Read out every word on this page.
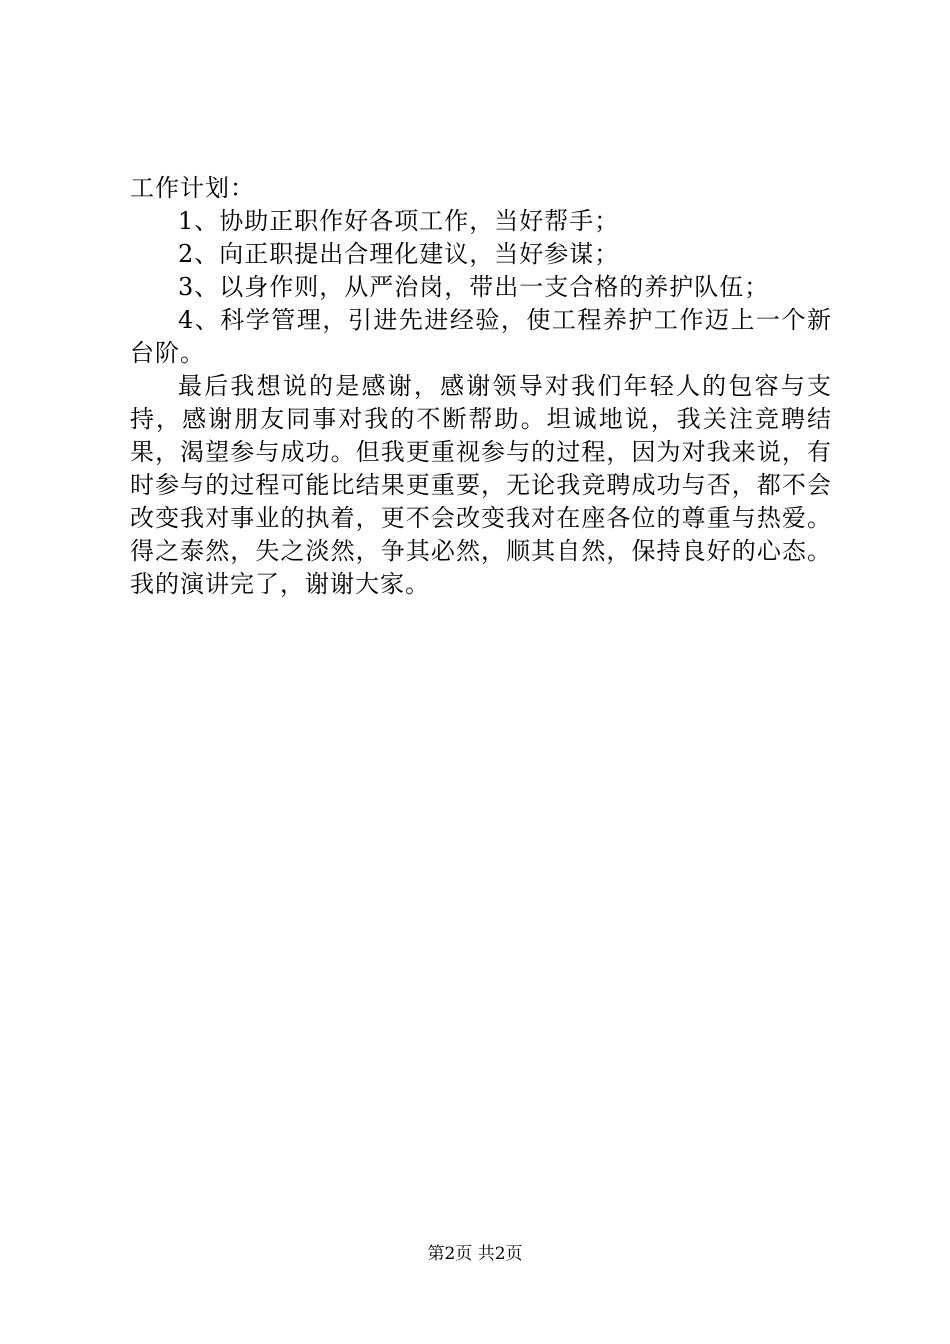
工作计划：

1、协助正职作好各项工作，当好帮手；

2、向正职提出合理化建议，当好参谋；

3、以身作则，从严治岗，带出一支合格的养护队伍；

4、科学管理，引进先进经验，使工程养护工作迈上一个新台阶。

最后我想说的是感谢，感谢领导对我们年轻人的包容与支持，感谢朋友同事对我的不断帮助。坦诚地说，我关注竞聘结果，渴望参与成功。但我更重视参与的过程，因为对我来说，有时参与的过程可能比结果更重要，无论我竞聘成功与否，都不会改变我对事业的执着，更不会改变我对在座各位的尊重与热爱。得之泰然，失之淡然，争其必然，顺其自然，保持良好的心态。我的演讲完了，谢谢大家。

第2页 共2页
